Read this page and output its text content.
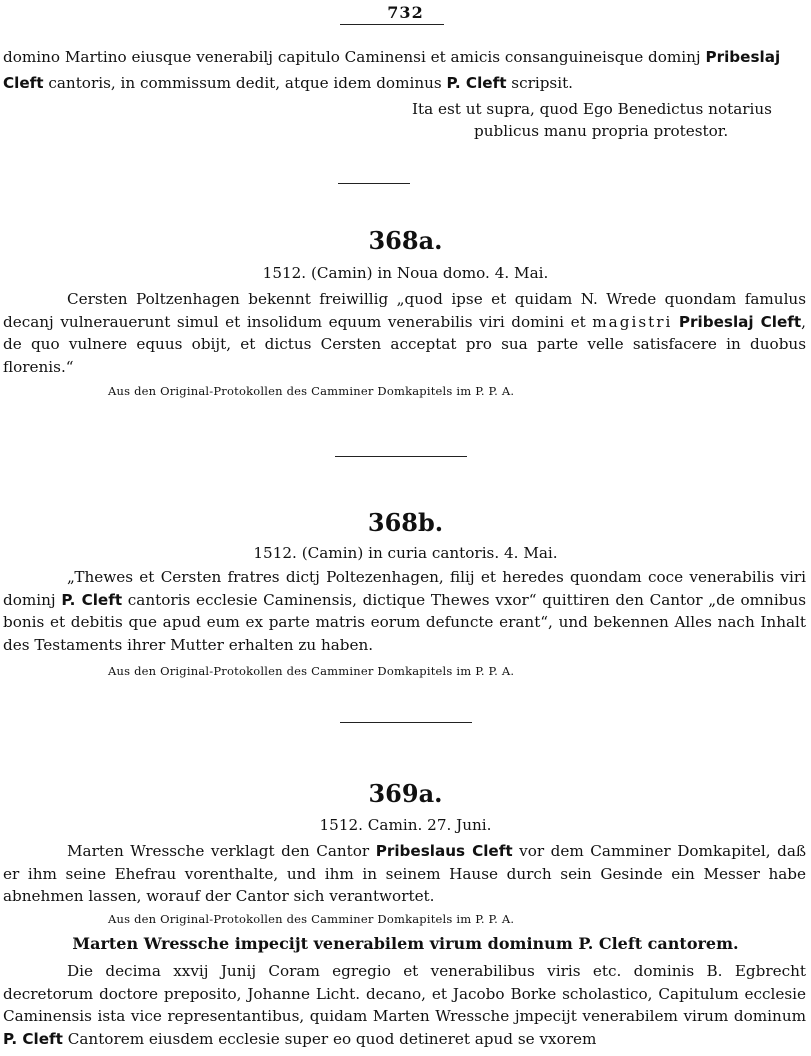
732
domino Martino eiusque venerabilj capitulo Caminensi et amicis consanguineisque dominj Pribeslaj
Cleft cantoris, in commissum dedit, atque idem dominus P. Cleft scripsit.
Ita est ut supra, quod Ego Benedictus notarius
publicus manu propria protestor.
368a.
1512. (Camin) in Noua domo. 4. Mai.
Cersten Poltzenhagen bekennt freiwillig „quod ipse et quidam N. Wrede quondam famulus decanj vulnerauerunt simul et insolidum equum venerabilis viri domini et magistri Pribeslaj Cleft, de quo vulnere equus obijt, et dictus Cersten acceptat pro sua parte velle satisfacere in duobus florenis.“
Aus den Original-Protokollen des Camminer Domkapitels im P. P. A.
368b.
1512. (Camin) in curia cantoris. 4. Mai.
„Thewes et Cersten fratres dictj Poltezenhagen, filij et heredes quondam coce venerabilis viri dominj P. Cleft cantoris ecclesie Caminensis, dictique Thewes vxor“ quittiren den Cantor „de omnibus bonis et debitis que apud eum ex parte matris eorum defuncte erant“, und bekennen Alles nach Inhalt des Testaments ihrer Mutter erhalten zu haben.
Aus den Original-Protokollen des Camminer Domkapitels im P. P. A.
369a.
1512. Camin. 27. Juni.
Marten Wressche verklagt den Cantor Pribeslaus Cleft vor dem Camminer Domkapitel, daß er ihm seine Ehefrau vorenthalte, und ihm in seinem Hause durch sein Gesinde ein Messer habe abnehmen lassen, worauf der Cantor sich verantwortet.
Aus den Original-Protokollen des Camminer Domkapitels im P. P. A.
Marten Wressche impecijt venerabilem virum dominum P. Cleft cantorem.
Die decima xxvij Junij Coram egregio et venerabilibus viris etc. dominis B. Egbrecht decretorum doctore preposito, Johanne Licht. decano, et Jacobo Borke scholastico, Capitulum ecclesie Caminensis ista vice representantibus, quidam Marten Wressche jmpecijt venerabilem virum dominum P. Cleft Cantorem eiusdem ecclesie super eo quod detineret apud se vxorem
